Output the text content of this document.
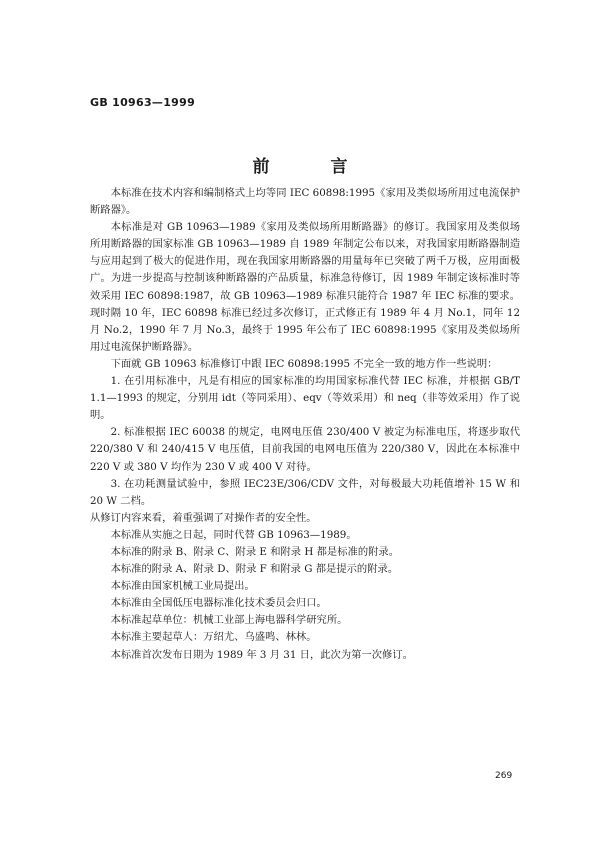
GB 10963—1999
前　言

本标准在技术内容和编制格式上均等同 IEC 60898:1995《家用及类似场所用过电流保护断路器》。

本标准是对 GB 10963—1989《家用及类似场所用断路器》的修订。我国家用及类似场所用断路器的国家标准 GB 10963—1989 自 1989 年制定公布以来，对我国家用断路器制造与应用起到了极大的促进作用，现在我国家用断路器的用量每年已突破了两千万极，应用面极广。为进一步提高与控制该种断路器的产品质量，标准急待修订，因 1989 年制定该标准时等效采用 IEC 60898:1987，故 GB 10963—1989 标准只能符合 1987 年 IEC 标准的要求。现时隔 10 年，IEC 60898 标准已经过多次修订，正式修正有 1989 年 4 月 No.1，同年 12 月 No.2，1990 年 7 月 No.3，最终于 1995 年公布了 IEC 60898:1995《家用及类似场所用过电流保护断路器》。

下面就 GB 10963 标准修订中跟 IEC 60898:1995 不完全一致的地方作一些说明：

1. 在引用标准中，凡是有相应的国家标准的均用国家标准代替 IEC 标准，并根据 GB/T 1.1—1993 的规定，分别用 idt（等同采用）、eqv（等效采用）和 neq（非等效采用）作了说明。

2. 标准根据 IEC 60038 的规定，电网电压值 230/400 V 被定为标准电压，将逐步取代 220/380 V 和 240/415 V 电压值，目前我国的电网电压值为 220/380 V，因此在本标准中 220 V 或 380 V 均作为 230 V 或 400 V 对待。

3. 在功耗测量试验中，参照 IEC23E/306/CDV 文件，对每极最大功耗值增补 15 W 和 20 W 二档。

从修订内容来看，着重强调了对操作者的安全性。

本标准从实施之日起，同时代替 GB 10963—1989。

本标准的附录 B、附录 C、附录 E 和附录 H 都是标准的附录。

本标准的附录 A、附录 D、附录 F 和附录 G 都是提示的附录。

本标准由国家机械工业局提出。

本标准由全国低压电器标准化技术委员会归口。

本标准起草单位：机械工业部上海电器科学研究所。

本标准主要起草人：万绍尤、乌盛鸣、林林。

本标准首次发布日期为 1989 年 3 月 31 日，此次为第一次修订。

269
